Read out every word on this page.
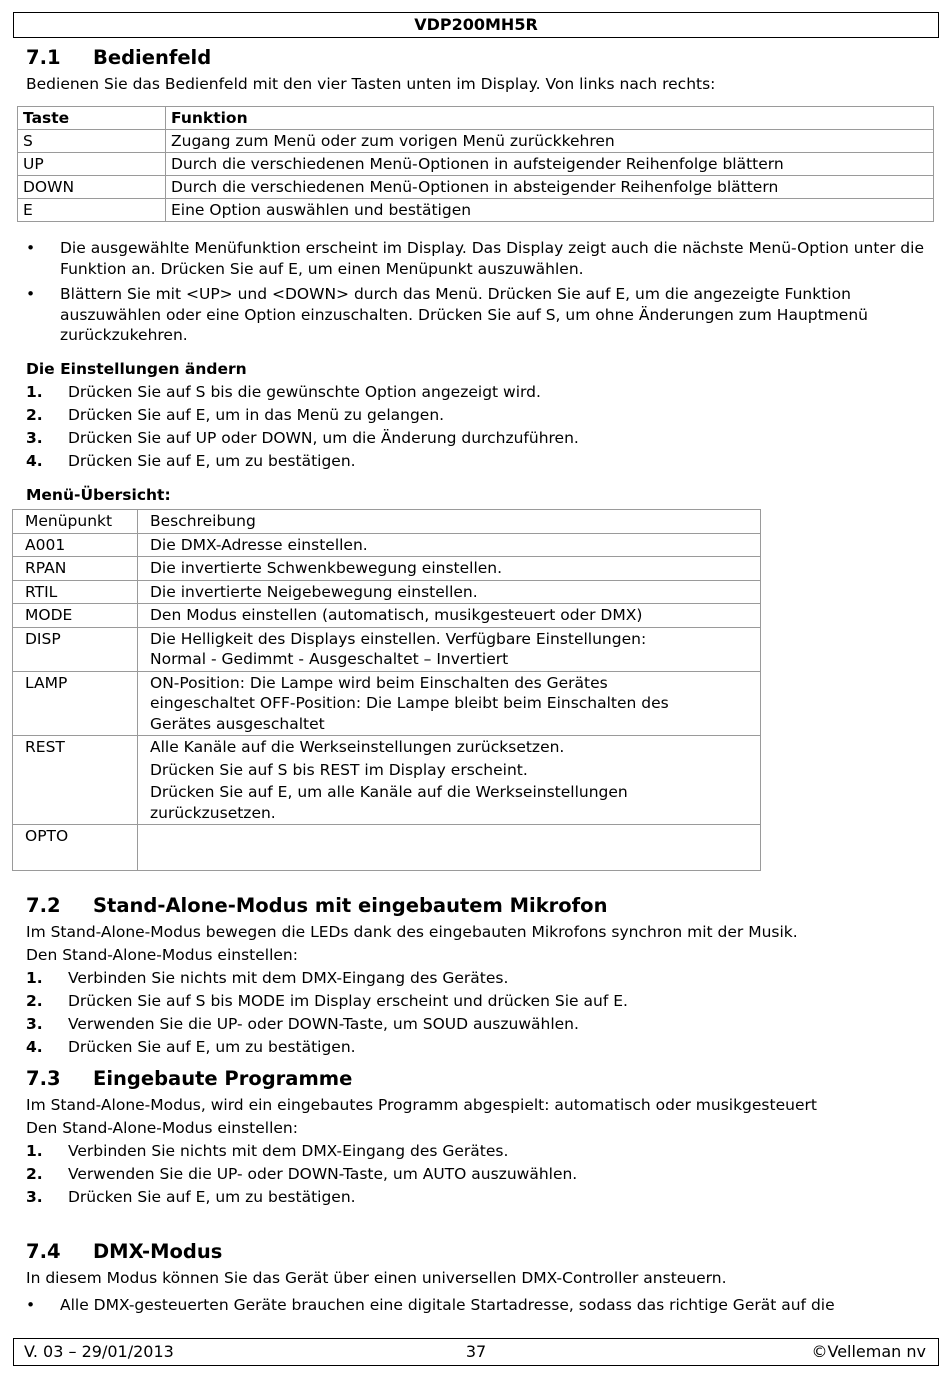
VDP200MH5R
7.1 Bedienfeld
Bedienen Sie das Bedienfeld mit den vier Tasten unten im Display. Von links nach rechts:
Taste	Funktion
S	Zugang zum Menü oder zum vorigen Menü zurückkehren
UP	Durch die verschiedenen Menü-Optionen in aufsteigender Reihenfolge blättern
DOWN	Durch die verschiedenen Menü-Optionen in absteigender Reihenfolge blättern
E	Eine Option auswählen und bestätigen
• Die ausgewählte Menüfunktion erscheint im Display. Das Display zeigt auch die nächste Menü-Option unter die Funktion an. Drücken Sie auf E, um einen Menüpunkt auszuwählen.
• Blättern Sie mit <UP> und <DOWN> durch das Menü. Drücken Sie auf E, um die angezeigte Funktion auszuwählen oder eine Option einzuschalten. Drücken Sie auf S, um ohne Änderungen zum Hauptmenü zurückzukehren.
Die Einstellungen ändern
1. Drücken Sie auf S bis die gewünschte Option angezeigt wird.
2. Drücken Sie auf E, um in das Menü zu gelangen.
3. Drücken Sie auf UP oder DOWN, um die Änderung durchzuführen.
4. Drücken Sie auf E, um zu bestätigen.
Menü-Übersicht:
Menüpunkt	Beschreibung
A001	Die DMX-Adresse einstellen.

RPAN	Die invertierte Schwenkbewegung einstellen.

RTIL	Die invertierte Neigebewegung einstellen.

MODE	Den Modus einstellen (automatisch, musikgesteuert oder DMX)

DISP	Die Helligkeit des Displays einstellen. Verfügbare Einstellungen:
Normal - Gedimmt - Ausgeschaltet – Invertiert

LAMP	ON-Position: Die Lampe wird beim Einschalten des Gerätes
eingeschaltet OFF-Position: Die Lampe bleibt beim Einschalten des
Gerätes ausgeschaltet

REST	Alle Kanäle auf die Werkseinstellungen zurücksetzen.
Drücken Sie auf S bis REST im Display erscheint.
Drücken Sie auf E, um alle Kanäle auf die Werkseinstellungen
zurückzusetzen.

OPTO	
7.2 Stand-Alone-Modus mit eingebautem Mikrofon
Im Stand-Alone-Modus bewegen die LEDs dank des eingebauten Mikrofons synchron mit der Musik.
Den Stand-Alone-Modus einstellen:
1. Verbinden Sie nichts mit dem DMX-Eingang des Gerätes.
2. Drücken Sie auf S bis MODE im Display erscheint und drücken Sie auf E.
3. Verwenden Sie die UP- oder DOWN-Taste, um SOUD auszuwählen.
4. Drücken Sie auf E, um zu bestätigen.
7.3 Eingebaute Programme
Im Stand-Alone-Modus, wird ein eingebautes Programm abgespielt: automatisch oder musikgesteuert
Den Stand-Alone-Modus einstellen:
1. Verbinden Sie nichts mit dem DMX-Eingang des Gerätes.
2. Verwenden Sie die UP- oder DOWN-Taste, um AUTO auszuwählen.
3. Drücken Sie auf E, um zu bestätigen.
7.4 DMX-Modus
In diesem Modus können Sie das Gerät über einen universellen DMX-Controller ansteuern.
• Alle DMX-gesteuerten Geräte brauchen eine digitale Startadresse, sodass das richtige Gerät auf die
V. 03 – 29/01/2013	37	©Velleman nv
